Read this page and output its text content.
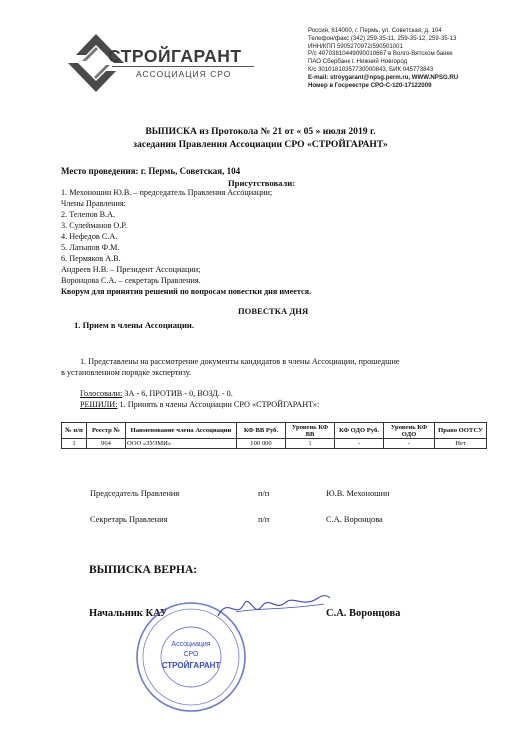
СТРОЙГАРАНТ
АССОЦИАЦИЯ СРО
Россия, 614000, г. Пермь, ул. Советская, д. 104
Телефон/факс (342) 259-35-11, 259-35-12, 259-35-13
ИНН/КПП 5905270972/590501001
Р/с 40703810449090010667 в Волго-Вятском банке
ПАО Сбербанк г. Нижний Новгород
К/с 30101810357730000843, БИК 045773843
E-mail: stroygarant@npsg.perm.ru, WWW.NPSG.RU
Номер в Госреестре СРО-С-120-17122009
ВЫПИСКА из Протокола № 21 от « 05 » июля 2019 г.
заседания Правления Ассоциации СРО «СТРОЙГАРАНТ»
Место проведения: г. Пермь, Советская, 104
Присутствовали:
1. Мехоношин Ю.В. – председатель Правления Ассоциации;
Члены Правления:
2. Телепов В.А.
3. Сулейманов О.Р.
4. Нефедов С.А.
5. Латыпов Ф.М.
6. Пермяков А.В.
Андреев Н.В. – Президент Ассоциации;
Воронцова С.А. – секретарь Правления.
Кворум для принятия решений по вопросам повестки дня имеется.
ПОВЕСТКА ДНЯ
1. Прием в члены Ассоциации.
1. Представлены на рассмотрение документы кандидатов в члены Ассоциации, прошедшие
в установленном порядке экспертизу.
Голосовали: ЗА - 6, ПРОТИВ - 0, ВОЗД. - 0.
РЕШИЛИ: 1. Принять в члены Ассоциации СРО «СТРОЙГАРАНТ»:
№ п/п	Реестр №	Наименование члена Ассоциации	КФ ВВ Руб.	Уровень КФ ВВ	КФ ОДО Руб.	Уровень КФ ОДО	Право ООТСУ
1	964	ООО «ЗУЗМИ»	100 000	1	-	-	Нет
Председатель Правления	п/п	Ю.В. Мехоношин
Секретарь Правления	п/п	С.А. Воронцова
ВЫПИСКА ВЕРНА:
Начальник КАУ	С.А. Воронцова
Ассоциация
СРО
СТРОЙГАРАНТ
